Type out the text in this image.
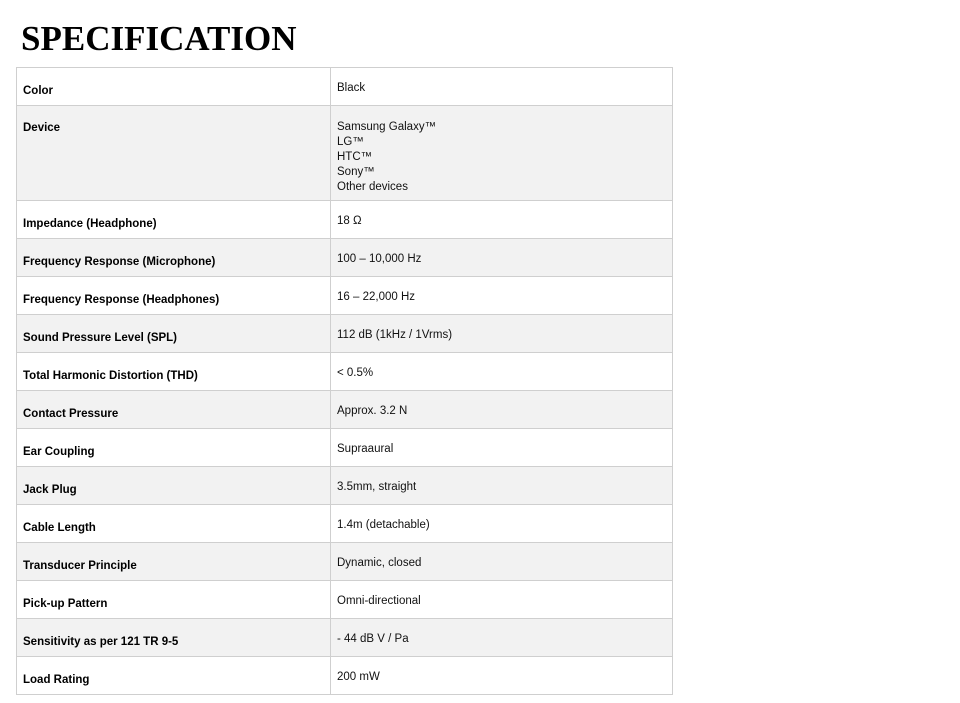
SPECIFICATION
Color	Black

Device	Samsung Galaxy™
LG™
HTC™
Sony™
Other devices

Impedance (Headphone)	18 Ω

Frequency Response (Microphone)	100 – 10,000 Hz

Frequency Response (Headphones)	16 – 22,000 Hz

Sound Pressure Level (SPL)	112 dB (1kHz / 1Vrms)

Total Harmonic Distortion (THD)	< 0.5%

Contact Pressure	Approx. 3.2 N

Ear Coupling	Supraaural

Jack Plug	3.5mm, straight

Cable Length	1.4m (detachable)

Transducer Principle	Dynamic, closed

Pick-up Pattern	Omni-directional

Sensitivity as per 121 TR 9-5	- 44 dB V / Pa

Load Rating	200 mW
